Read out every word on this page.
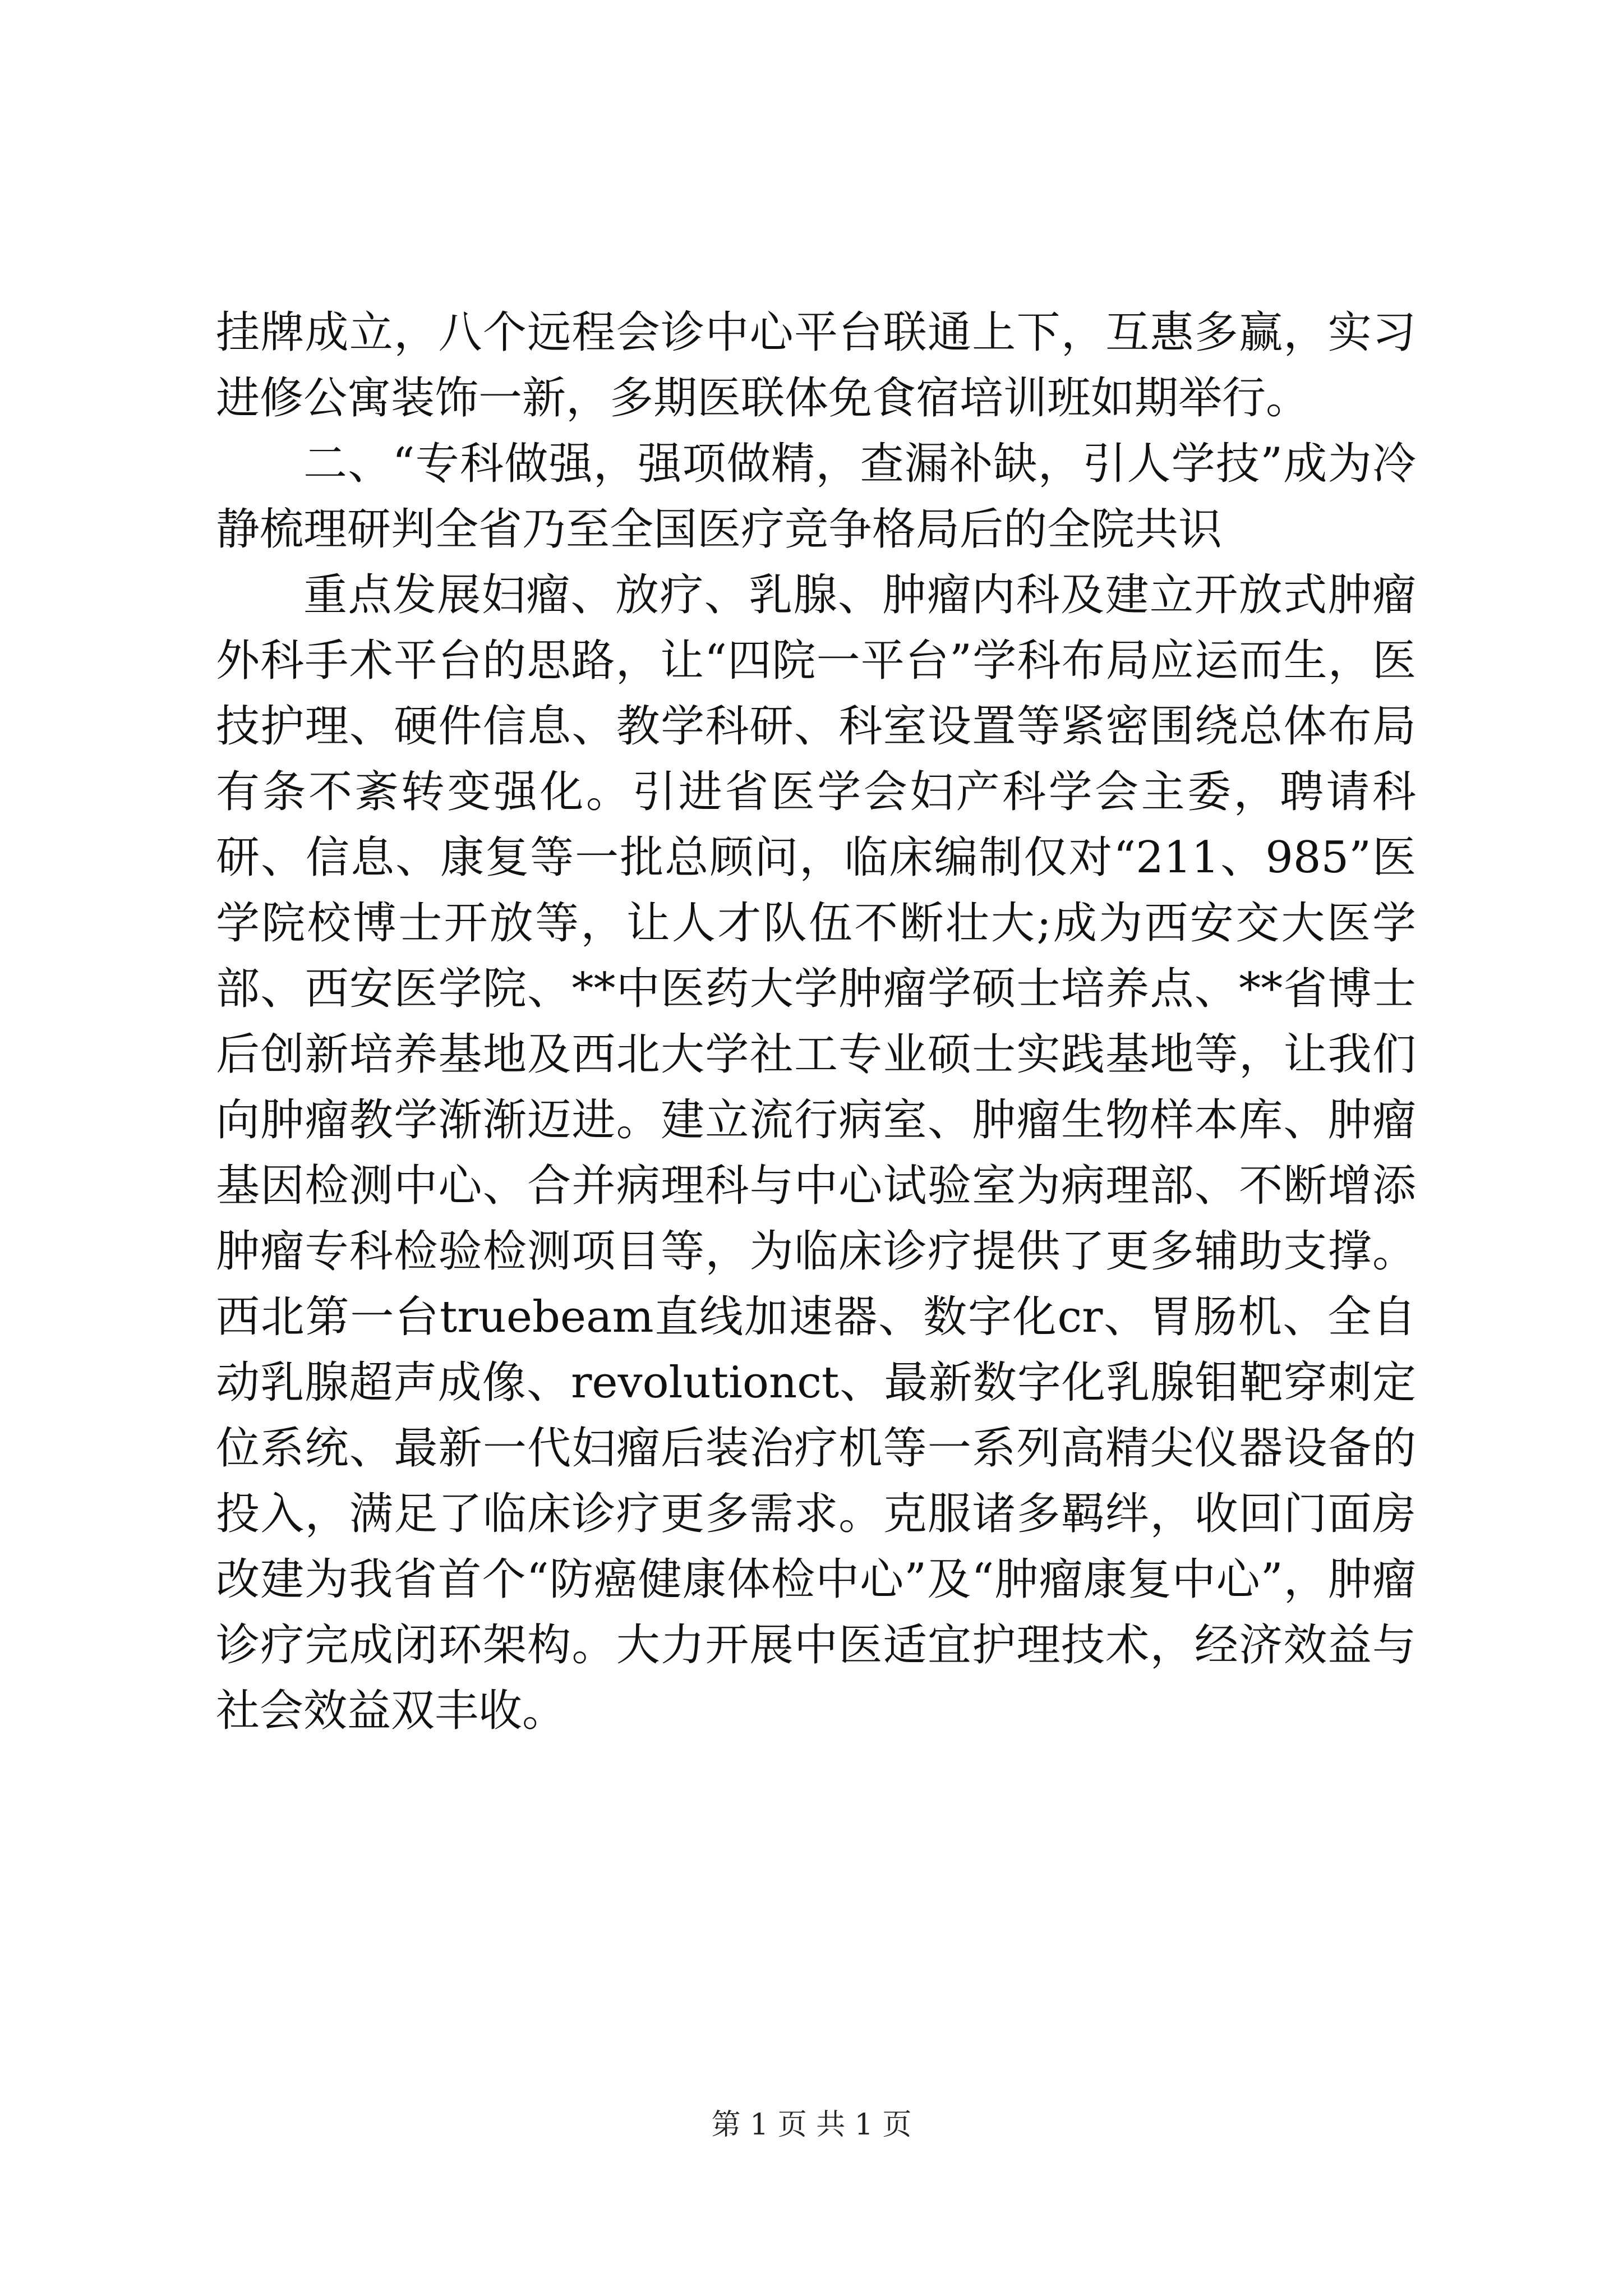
挂牌成立，八个远程会诊中心平台联通上下，互惠多赢，实习进修公寓装饰一新，多期医联体免食宿培训班如期举行。

二、“专科做强，强项做精，查漏补缺，引人学技”成为冷静梳理研判全省乃至全国医疗竞争格局后的全院共识

重点发展妇瘤、放疗、乳腺、肿瘤内科及建立开放式肿瘤外科手术平台的思路，让“四院一平台”学科布局应运而生，医技护理、硬件信息、教学科研、科室设置等紧密围绕总体布局有条不紊转变强化。引进省医学会妇产科学会主委，聘请科研、信息、康复等一批总顾问，临床编制仅对“211、985”医学院校博士开放等，让人才队伍不断壮大;成为西安交大医学部、西安医学院、**中医药大学肿瘤学硕士培养点、**省博士后创新培养基地及西北大学社工专业硕士实践基地等，让我们向肿瘤教学渐渐迈进。建立流行病室、肿瘤生物样本库、肿瘤基因检测中心、合并病理科与中心试验室为病理部、不断增添肿瘤专科检验检测项目等，为临床诊疗提供了更多辅助支撑。西北第一台truebeam直线加速器、数字化cr、胃肠机、全自动乳腺超声成像、revolutionct、最新数字化乳腺钼靶穿刺定位系统、最新一代妇瘤后装治疗机等一系列高精尖仪器设备的投入，满足了临床诊疗更多需求。克服诸多羁绊，收回门面房改建为我省首个“防癌健康体检中心”及“肿瘤康复中心”，肿瘤诊疗完成闭环架构。大力开展中医适宜护理技术，经济效益与社会效益双丰收。

第 1 页 共 1 页
